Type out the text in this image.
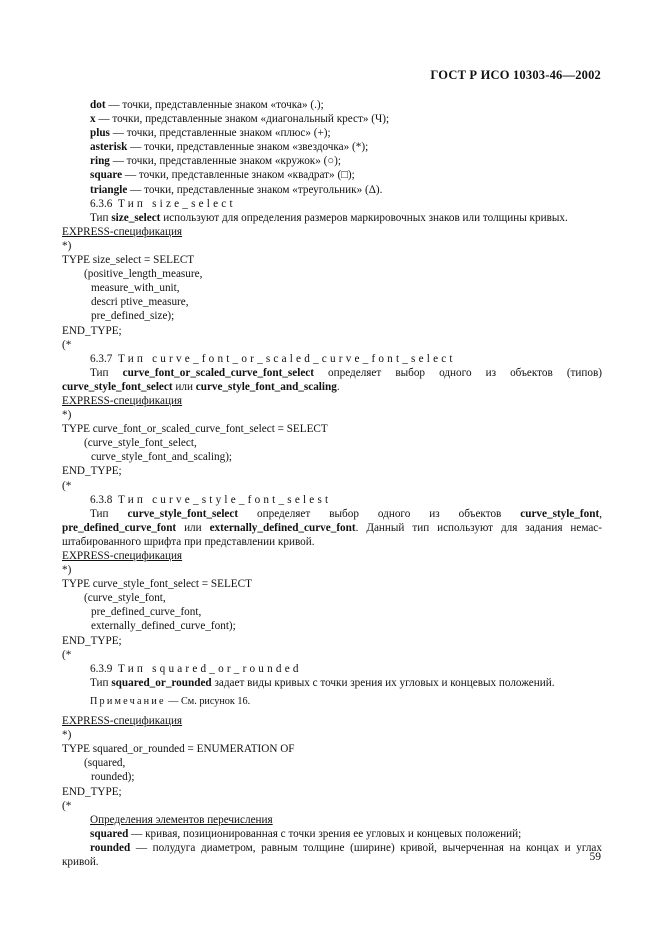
ГОСТ Р ИСО 10303-46—2002
dot — точки, представленные знаком «точка» (.);
x — точки, представленные знаком «диагональный крест» (Ч);
plus — точки, представленные знаком «плюс» (+);
asterisk — точки, представленные знаком «звездочка» (*);
ring — точки, представленные знаком «кружок» (○);
square — точки, представленные знаком «квадрат» (□);
triangle — точки, представленные знаком «треугольник» (Δ).
6.3.6 Тип size_select
Тип size_select используют для определения размеров маркировочных знаков или толщины кривых.
EXPRESS-спецификация
*)
TYPE size_select = SELECT
(positive_length_measure,
measure_with_unit,
descri ptive_measure,
pre_defined_size);
END_TYPE;
(*
6.3.7 Тип curve_font_or_scaled_curve_font_select
Тип curve_font_or_scaled_curve_font_select определяет выбор одного из объектов (типов) curve_style_font_select или curve_style_font_and_scaling.
EXPRESS-спецификация
*)
TYPE curve_font_or_scaled_curve_font_select = SELECT
(curve_style_font_select,
curve_style_font_and_scaling);
END_TYPE;
(*
6.3.8 Тип curve_style_font_selest
Тип curve_style_font_select определяет выбор одного из объектов curve_style_font, pre_defined_curve_font или externally_defined_curve_font. Данный тип используют для задания немас-штабированного шрифта при представлении кривой.
EXPRESS-спецификация
*)
TYPE curve_style_font_select = SELECT
(curve_style_font,
pre_defined_curve_font,
externally_defined_curve_font);
END_TYPE;
(*
6.3.9 Тип squared_or_rounded
Тип squared_or_rounded задает виды кривых с точки зрения их угловых и концевых положений.
Примечание — См. рисунок 16.
EXPRESS-спецификация
*)
TYPE squared_or_rounded = ENUMERATION OF
(squared,
rounded);
END_TYPE;
(*
Определения элементов перечисления
squared — кривая, позиционированная с точки зрения ее угловых и концевых положений;
rounded — полудуга диаметром, равным толщине (ширине) кривой, вычерченная на концах и углах кривой.	59
